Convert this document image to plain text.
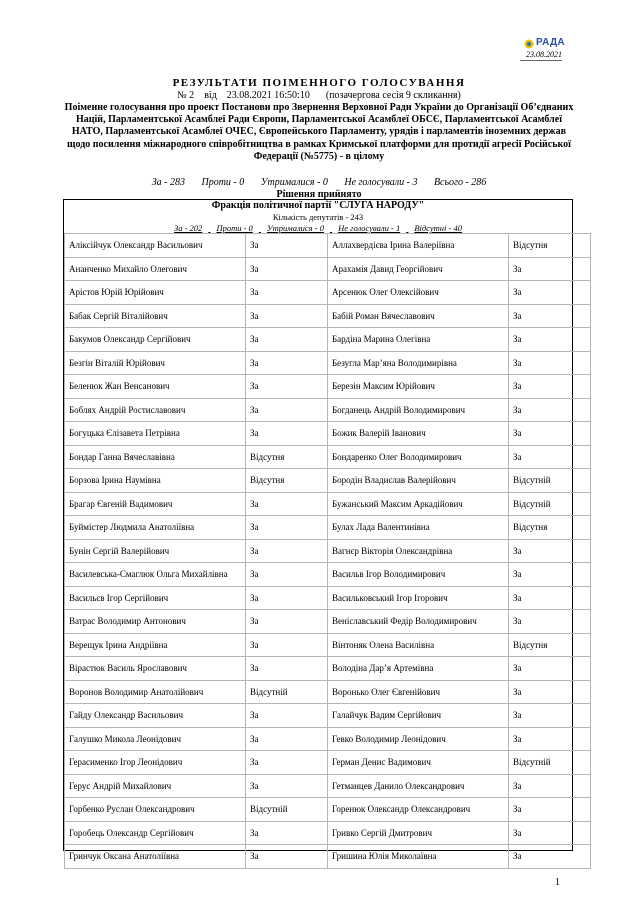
РАДА
23.08.2021
РЕЗУЛЬТАТИ ПОІМЕННОГО ГОЛОСУВАННЯ
№ 2 від 23.08.2021 16:50:10 (позачергова сесія 9 скликання)
Поіменне голосування про проект Постанови про Звернення Верховної Ради України до Організації Об’єднаних Націй, Парламентської Асамблеї Ради Європи, Парламентської Асамблеї ОБСЄ, Парламентської Асамблеї НАТО, Парламентської Асамблеї ОЧЕС, Європейського Парламенту, урядів і парламентів іноземних держав щодо посилення міжнародного співробітництва в рамках Кримської платформи для протидії агресії Російської Федерації (№5775) - в цілому
За - 283 Проти - 0 Утрималися - 0 Не голосували - 3 Всього - 286
Рішення прийнято
Фракція політичної партії "СЛУГА НАРОДУ"
Кількість депутатів - 243
За - 202 Проти - 0 Утрималися - 0 Не голосували - 1 Відсутні - 40
Аліксійчук Олександр Васильович	За	Аллахвердієва Ірина Валеріївна	Відсутня
Ананченко Михайло Олегович	За	Арахамія Давид Георгійович	За
Арістов Юрій Юрійович	За	Арсенюк Олег Олексійович	За
Бабак Сергій Віталійович	За	Бабій Роман Вячеславович	За
Бакумов Олександр Сергійович	За	Бардіна Марина Олегівна	За
Безгін Віталій Юрійович	За	Безугла Мар’яна Володимирівна	За
Беленюк Жан Венсанович	За	Березін Максим Юрійович	За
Боблях Андрій Ростиславович	За	Богданець Андрій Володимирович	За
Богуцька Єлізавета Петрівна	За	Божик Валерій Іванович	За
Бондар Ганна Вячеславівна	Відсутня	Бондаренко Олег Володимирович	За
Борзова Ірина Наумівна	Відсутня	Бородін Владислав Валерійович	Відсутній
Брагар Євгеній Вадимович	За	Бужанський Максим Аркадійович	Відсутній
Буймістер Людмила Анатоліївна	За	Булах Лада Валентинівна	Відсутня
Бунін Сергій Валерійович	За	Вагнєр Вікторія Олександрівна	За
Василевська-Смаглюк Ольга Михайлівна	За	Васильв Ігор Володимирович	За
Васильєв Ігор Сергійович	За	Васильковський Ігор Ігорович	За
Ватрас Володимир Антонович	За	Веніславський Федір Володимирович	За
Верещук Ірина Андріївна	За	Вінтоняк Олена Василівна	Відсутня
Вірастюк Василь Ярославович	За	Володіна Дар’я Артемівна	За
Воронов Володимир Анатолійович	Відсутній	Воронько Олег Євгенійович	За
Гайду Олександр Васильович	За	Галайчук Вадим Сергійович	За
Галушко Микола Леонідович	За	Гевко Володимир Леонідович	За
Герасименко Ігор Леонідович	За	Герман Денис Вадимович	Відсутній
Герус Андрій Михайлович	За	Гетманцев Данило Олександрович	За
Горбенко Руслан Олександрович	Відсутній	Горенюк Олександр Олександрович	За
Горобець Олександр Сергійович	За	Гривко Сергій Дмитрович	За
Гринчук Оксана Анатоліївна	За	Гришина Юлія Миколаївна	За
1
